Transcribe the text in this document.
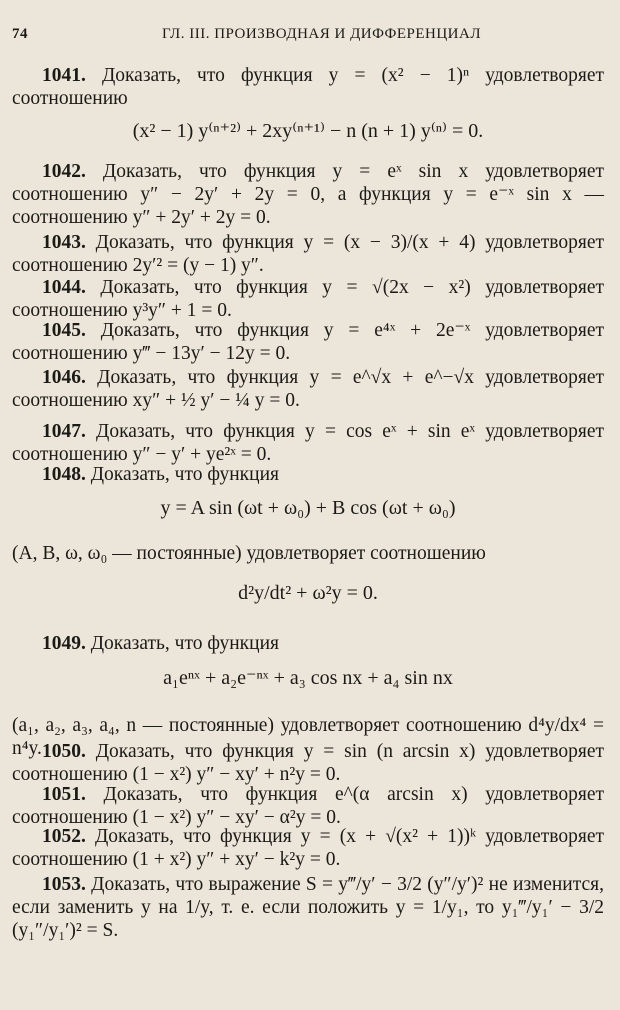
74	ГЛ. III. ПРОИЗВОДНАЯ И ДИФФЕРЕНЦИАЛ

1041. Доказать, что функция y = (x² − 1)ⁿ удовлетворяет соотношению

(x² − 1) y⁽ⁿ⁺²⁾ + 2xy⁽ⁿ⁺¹⁾ − n (n + 1) y⁽ⁿ⁾ = 0.

1042. Доказать, что функция y = eˣ sin x удовлетворяет соотношению y″ − 2y′ + 2y = 0, а функция y = e⁻ˣ sin x — соотношению y″ + 2y′ + 2y = 0.

1043. Доказать, что функция y = (x − 3)/(x + 4) удовлетворяет соотношению 2y′² = (y − 1) y″.

1044. Доказать, что функция y = √(2x − x²) удовлетворяет соотношению y³y″ + 1 = 0.

1045. Доказать, что функция y = e⁴ˣ + 2e⁻ˣ удовлетворяет соотношению y‴ − 13y′ − 12y = 0.

1046. Доказать, что функция y = e^√x + e^−√x удовлетворяет соотношению xy″ + ½ y′ − ¼ y = 0.

1047. Доказать, что функция y = cos eˣ + sin eˣ удовлетворяет соотношению y″ − y′ + ye²ˣ = 0.

1048. Доказать, что функция

y = A sin (ωt + ω₀) + B cos (ωt + ω₀)

(A, B, ω, ω₀ — постоянные) удовлетворяет соотношению

d²y/dt² + ω²y = 0.

1049. Доказать, что функция

a₁eⁿˣ + a₂e⁻ⁿˣ + a₃ cos nx + a₄ sin nx

(a₁, a₂, a₃, a₄, n — постоянные) удовлетворяет соотношению d⁴y/dx⁴ = n⁴y. 1050. Доказать, что функция y = sin (n arcsin x) удовлетворяет соотношению (1 − x²) y″ − xy′ + n²y = 0.

1051. Доказать, что функция e^(α arcsin x) удовлетворяет соотношению (1 − x²) y″ − xy′ − α²y = 0.

1052. Доказать, что функция y = (x + √(x² + 1))ᵏ удовлетворяет соотношению (1 + x²) y″ + xy′ − k²y = 0.

1053. Доказать, что выражение S = y‴/y′ − 3/2 (y″/y′)² не изменится, если заменить y на 1/y, т. е. если положить y = 1/y₁, то y₁‴/y₁′ − 3/2 (y₁″/y₁′)² = S.
